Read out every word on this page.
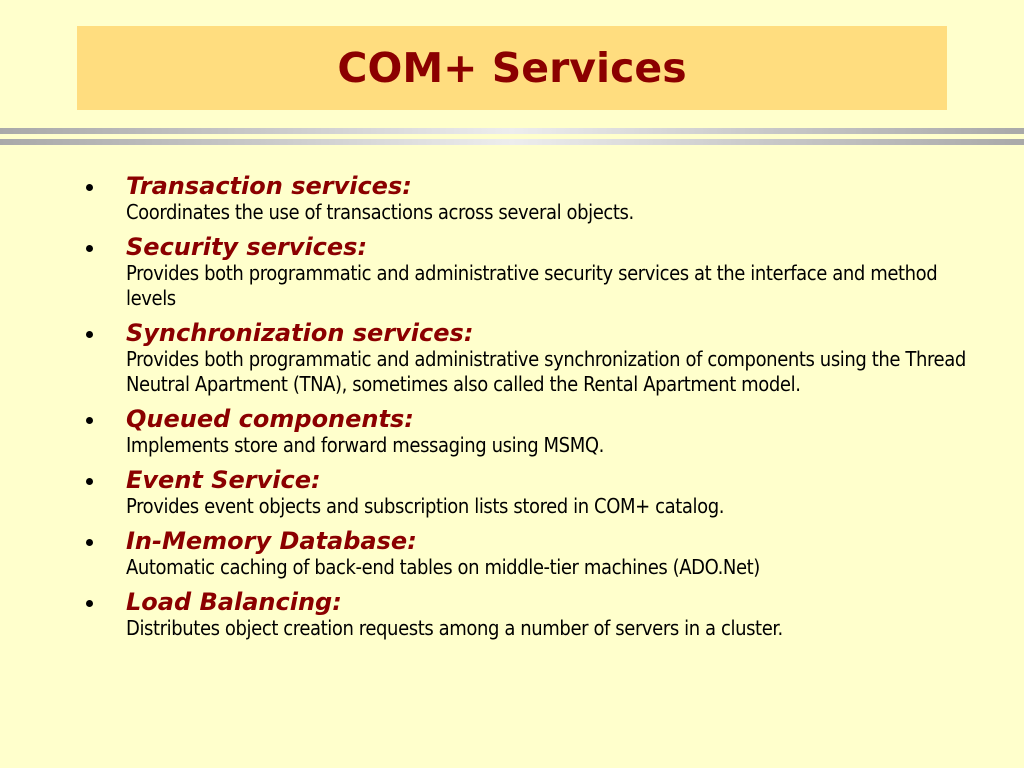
COM+ Services
Transaction services:
Coordinates the use of transactions across several objects.
Security services:
Provides both programmatic and administrative security services at the interface and method levels
Synchronization services:
Provides both programmatic and administrative synchronization of components using the Thread Neutral Apartment (TNA), sometimes also called the Rental Apartment model.
Queued components:
Implements store and forward messaging using MSMQ.
Event Service:
Provides event objects and subscription lists stored in COM+ catalog.
In-Memory Database:
Automatic caching of back-end tables on middle-tier machines (ADO.Net)
Load Balancing:
Distributes object creation requests among a number of servers in a cluster.
